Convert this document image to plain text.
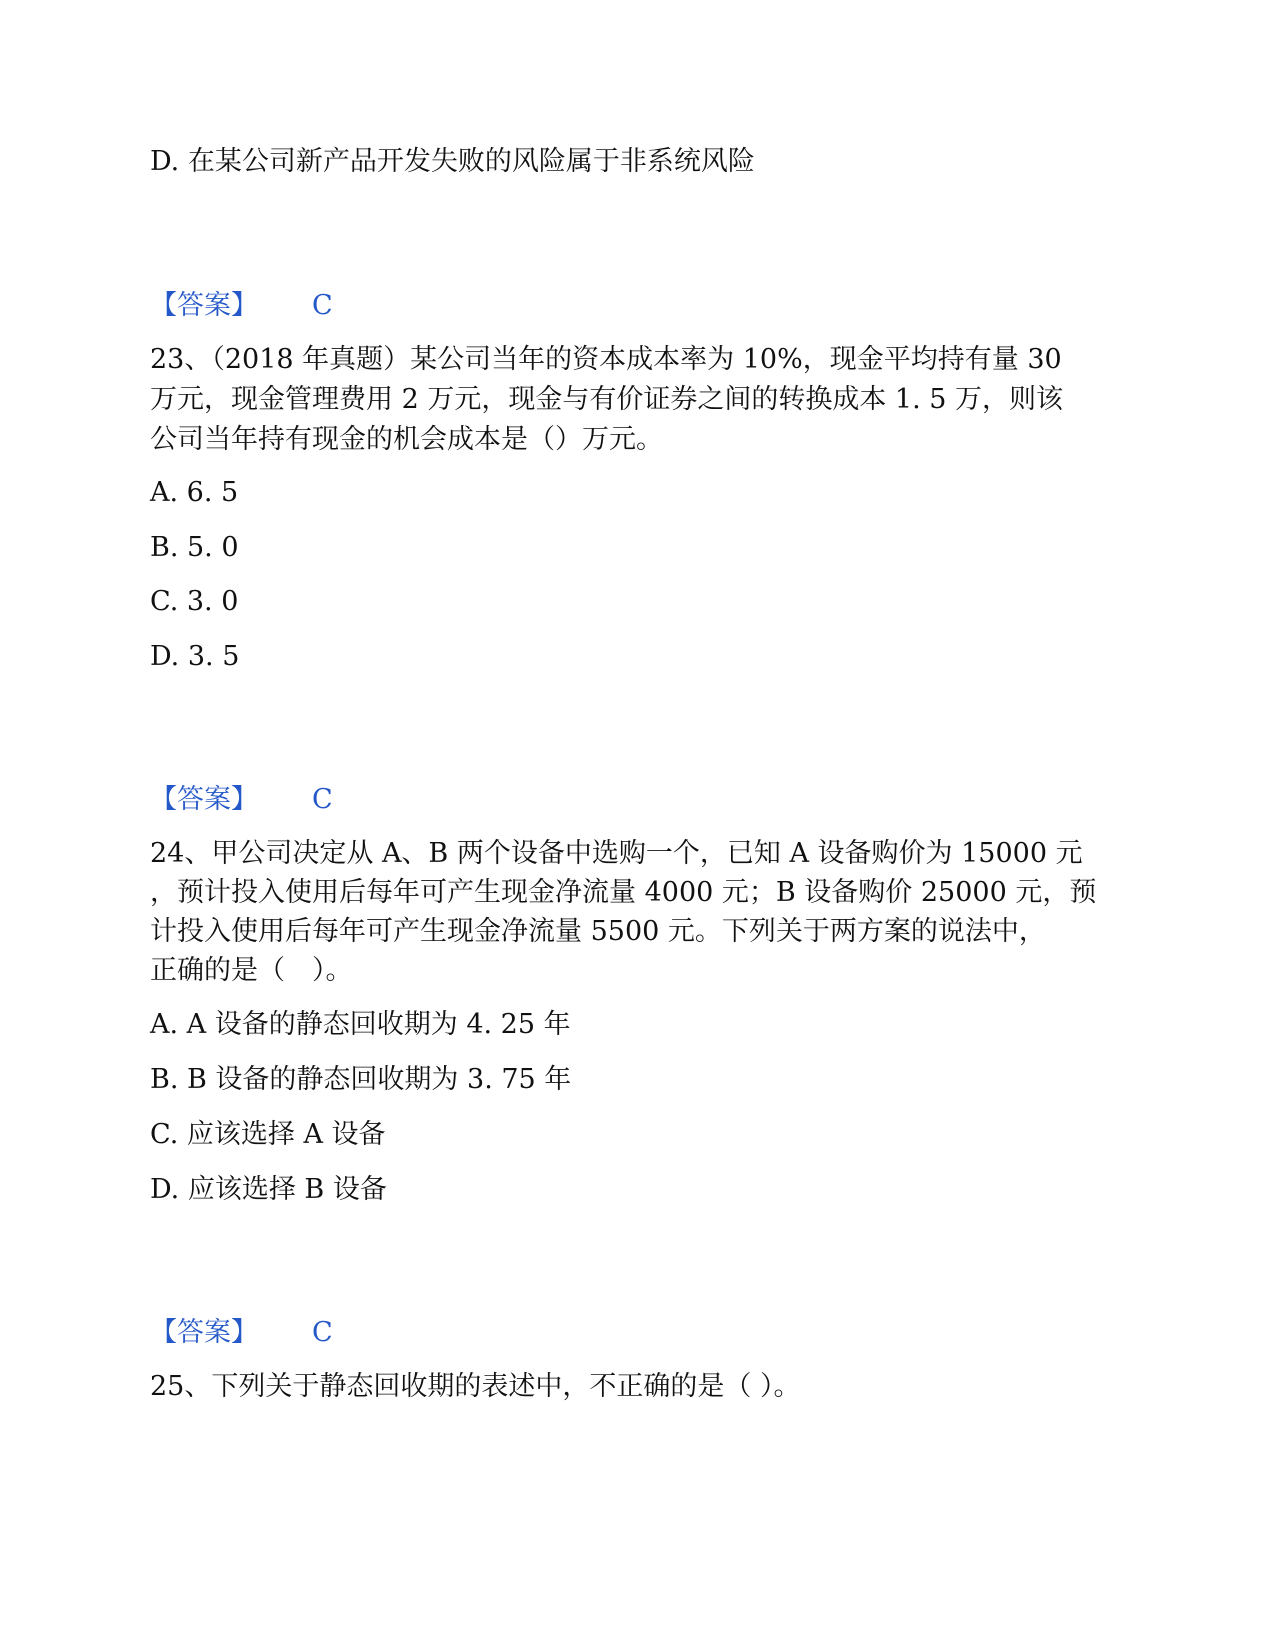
D. 在某公司新产品开发失败的风险属于非系统风险
【答案】 C
23、（2018 年真题）某公司当年的资本成本率为 10%，现金平均持有量 30
万元，现金管理费用 2 万元，现金与有价证券之间的转换成本 1. 5 万，则该
公司当年持有现金的机会成本是（）万元。
A. 6. 5
B. 5. 0
C. 3. 0
D. 3. 5
【答案】 C
24、甲公司决定从 A、B 两个设备中选购一个，已知 A 设备购价为 15000 元
，预计投入使用后每年可产生现金净流量 4000 元；B 设备购价 25000 元，预
计投入使用后每年可产生现金净流量 5500 元。下列关于两方案的说法中，
正确的是（　）。
A. A 设备的静态回收期为 4. 25 年
B. B 设备的静态回收期为 3. 75 年
C. 应该选择 A 设备
D. 应该选择 B 设备
【答案】 C
25、下列关于静态回收期的表述中，不正确的是（ ）。
